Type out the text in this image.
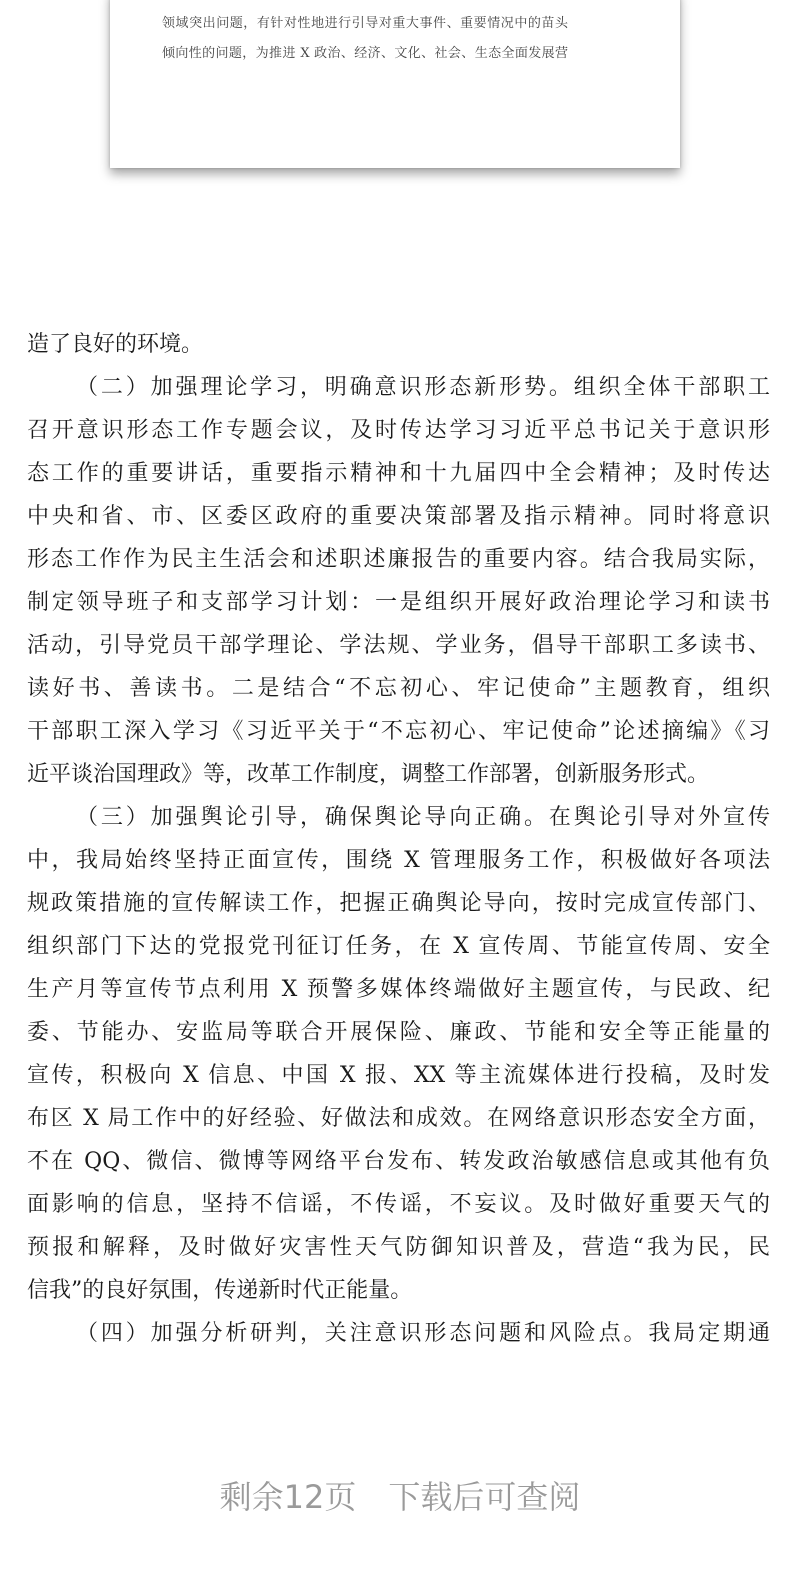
领域突出问题，有针对性地进行引导对重大事件、重要情况中的苗头
倾向性的问题，为推进 X 政治、经济、文化、社会、生态全面发展营
造了良好的环境。
（二）加强理论学习，明确意识形态新形势。组织全体干部职工
召开意识形态工作专题会议，及时传达学习习近平总书记关于意识形
态工作的重要讲话，重要指示精神和十九届四中全会精神；及时传达
中央和省、市、区委区政府的重要决策部署及指示精神。同时将意识
形态工作作为民主生活会和述职述廉报告的重要内容。结合我局实际，
制定领导班子和支部学习计划：一是组织开展好政治理论学习和读书
活动，引导党员干部学理论、学法规、学业务，倡导干部职工多读书、
读好书、善读书。二是结合“不忘初心、牢记使命”主题教育，组织
干部职工深入学习《习近平关于“不忘初心、牢记使命”论述摘编》《习
近平谈治国理政》等，改革工作制度，调整工作部署，创新服务形式。
（三）加强舆论引导，确保舆论导向正确。在舆论引导对外宣传
中，我局始终坚持正面宣传，围绕 X 管理服务工作，积极做好各项法
规政策措施的宣传解读工作，把握正确舆论导向，按时完成宣传部门、
组织部门下达的党报党刊征订任务，在 X 宣传周、节能宣传周、安全
生产月等宣传节点利用 X 预警多媒体终端做好主题宣传，与民政、纪
委、节能办、安监局等联合开展保险、廉政、节能和安全等正能量的
宣传，积极向 X 信息、中国 X 报、XX 等主流媒体进行投稿，及时发
布区 X 局工作中的好经验、好做法和成效。在网络意识形态安全方面，
不在 QQ、微信、微博等网络平台发布、转发政治敏感信息或其他有负
面影响的信息，坚持不信谣，不传谣，不妄议。及时做好重要天气的
预报和解释，及时做好灾害性天气防御知识普及，营造“我为民，民
信我”的良好氛围，传递新时代正能量。
（四）加强分析研判，关注意识形态问题和风险点。我局定期通
剩余12页　下载后可查阅
